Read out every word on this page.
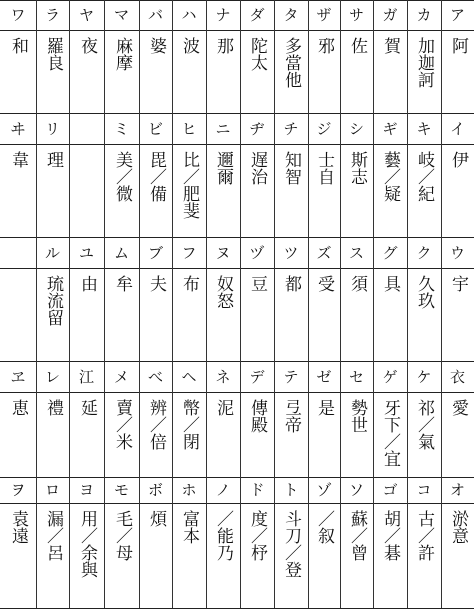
ワ
和
ラ
羅良
ヤ
夜
マ
麻摩
バ
婆
ハ
波
ナ
那
ダ
陀太
タ
多當他
ザ
邪
サ
佐
ガ
賀
カ
加迦訶
ア
阿
ヰ
韋
リ
理
ミ
美／微
ビ
毘／備
ヒ
比／肥斐
ニ
邇爾
ヂ
遅治
チ
知智
ジ
士自
シ
斯志
ギ
藝／疑
キ
岐／紀
イ
伊
ル
琉流留
ユ
由
ム
牟
ブ
夫
フ
布
ヌ
奴怒
ヅ
豆
ツ
都
ズ
受
ス
須
グ
具
ク
久玖
ウ
宇
ヱ
恵
レ
禮
江
延
メ
賣／米
べ
辨／倍
ヘ
幣／閉
ネ
泥
デ
傳殿
テ
弖帝
ゼ
是
セ
勢世
ゲ
牙下／宜
ケ
祁／氣
衣
愛
ヲ
袁遠
ロ
漏／呂
ヨ
用／余與
モ
毛／母
ボ
煩
ホ
富本
ノ
／能乃
ド
度／杼
ト
斗刀／登
ゾ
／叙
ソ
蘇／曾
ゴ
胡／碁
コ
古／許
オ
淤意
